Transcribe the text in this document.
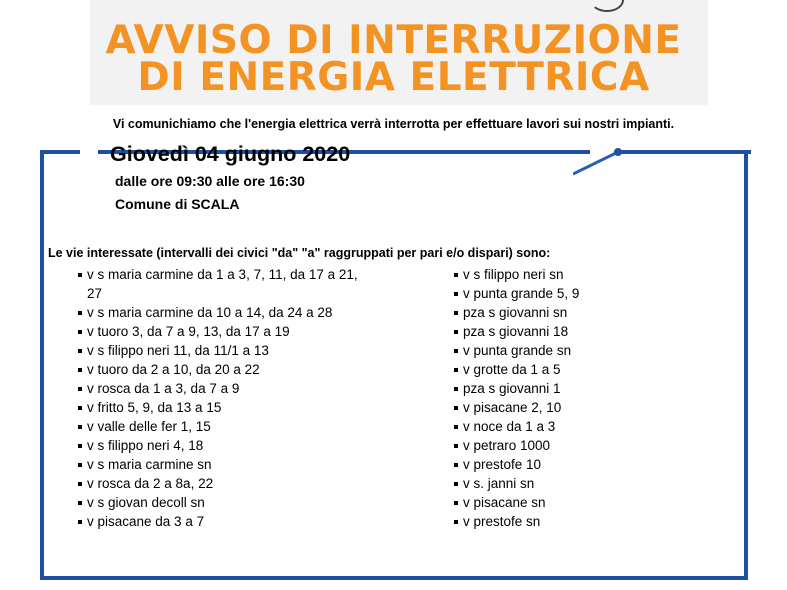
AVVISO DI INTERRUZIONE
DI ENERGIA ELETTRICA
Vi comunichiamo che l'energia elettrica verrà interrotta per effettuare lavori sui nostri impianti.
Giovedì 04 giugno 2020
dalle ore 09:30 alle ore 16:30
Comune di SCALA
Le vie interessate (intervalli dei civici "da" "a" raggruppati per pari e/o dispari) sono:
v s maria carmine da 1 a 3, 7, 11, da 17 a 21, 27
v s maria carmine da 10 a 14, da 24 a 28
v tuoro 3, da 7 a 9, 13, da 17 a 19
v s filippo neri 11, da 11/1 a 13
v tuoro da 2 a 10, da 20 a 22
v rosca da 1 a 3, da 7 a 9
v fritto 5, 9, da 13 a 15
v valle delle fer 1, 15
v s filippo neri 4, 18
v s maria carmine sn
v rosca da 2 a 8a, 22
v s giovan decoll sn
v pisacane da 3 a 7
v s filippo neri sn
v punta grande 5, 9
pza s giovanni sn
pza s giovanni 18
v punta grande sn
v grotte da 1 a 5
pza s giovanni 1
v pisacane 2, 10
v noce da 1 a 3
v petraro 1000
v prestofe 10
v s. janni sn
v pisacane sn
v prestofe sn
